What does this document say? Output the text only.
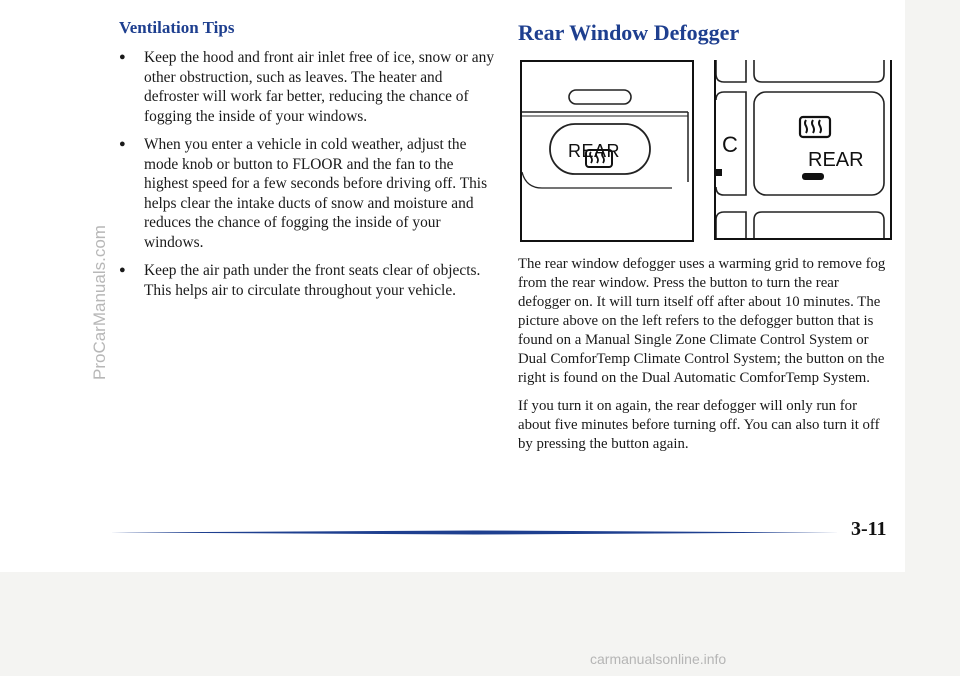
Ventilation Tips
● Keep the hood and front air inlet free of ice, snow or any other obstruction, such as leaves. The heater and defroster will work far better, reducing the chance of fogging the inside of your windows.
● When you enter a vehicle in cold weather, adjust the mode knob or button to FLOOR and the fan to the highest speed for a few seconds before driving off. This helps clear the intake ducts of snow and moisture and reduces the chance of fogging the inside of your windows.
● Keep the air path under the front seats clear of objects. This helps air to circulate throughout your vehicle.
Rear Window Defogger
REAR	C
REAR

The rear window defogger uses a warming grid to remove fog from the rear window. Press the button to turn the rear defogger on. It will turn itself off after about 10 minutes. The picture above on the left refers to the defogger button that is found on a Manual Single Zone Climate Control System or Dual ComforTemp Climate Control System; the button on the right is found on the Dual Automatic ComforTemp System.

If you turn it on again, the rear defogger will only run for about five minutes before turning off. You can also turn it off by pressing the button again.

3-11
ProCarManuals.com
carmanualsonline.info
